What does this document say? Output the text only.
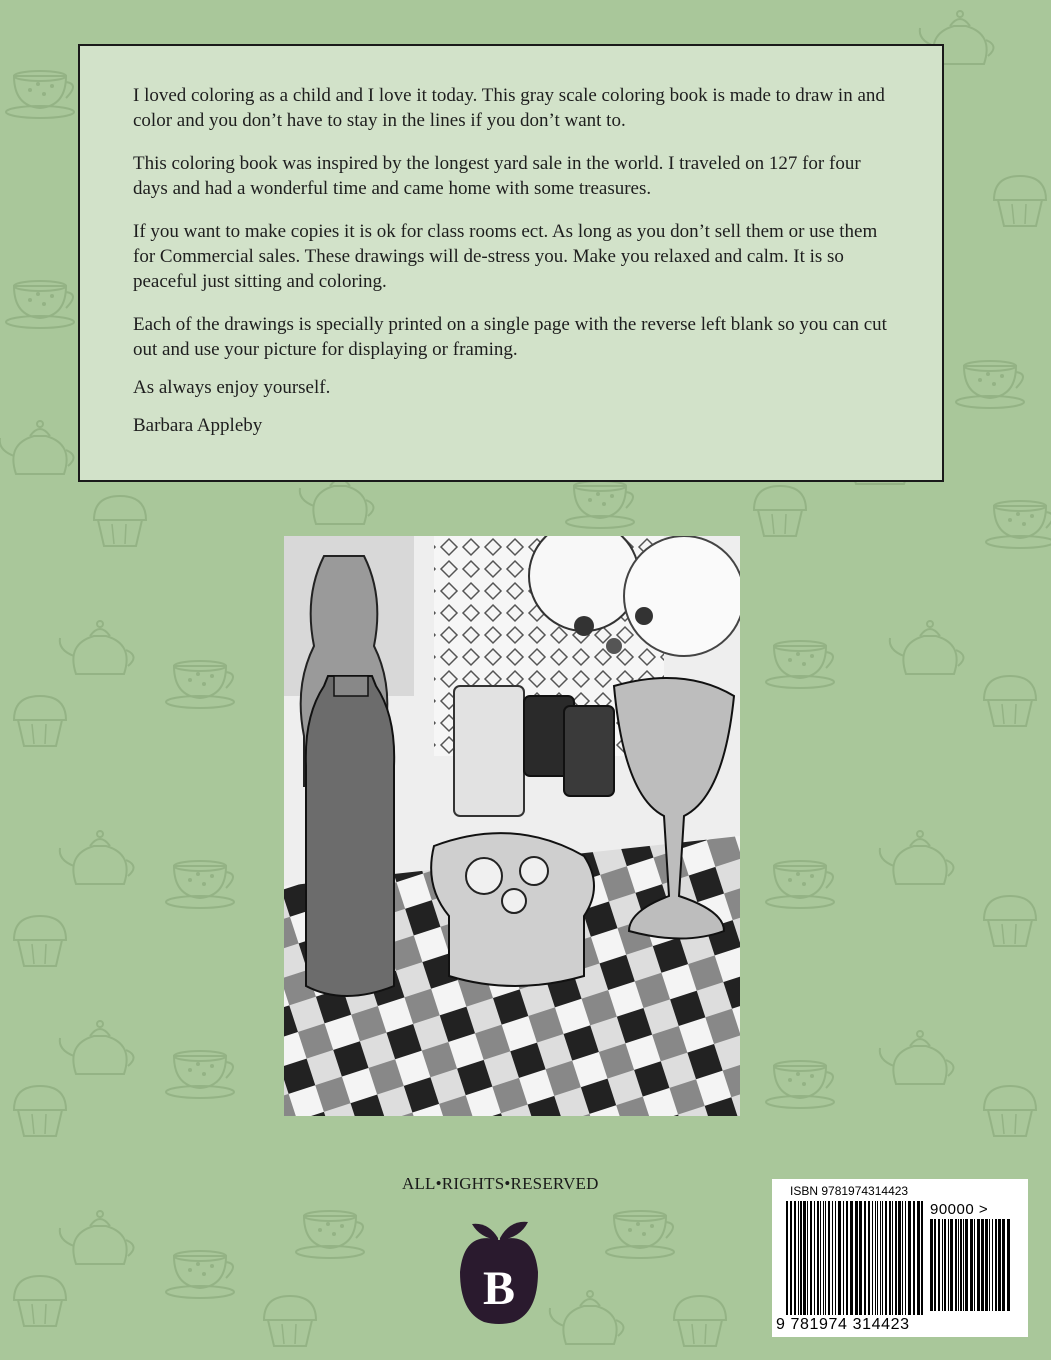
I loved coloring as a child and I love it today. This gray scale coloring book is made to draw in and color and you don’t have to stay in the lines if you don’t want to.

This coloring book was inspired by the longest yard sale in the world. I traveled on 127 for four days and had a wonderful time and came home with some treasures.

If you want to make copies it is ok for class rooms ect. As long as you don’t sell them or use them for Commercial sales. These drawings will de-stress you. Make you relaxed and calm. It is so peaceful just sitting and coloring.

Each of the drawings is specially printed on a single page with the reverse left blank so you can cut out and use your picture for displaying or framing.

As always enjoy yourself.

Barbara Appleby

ALL•RIGHTS•RESERVED
B
ISBN 9781974314423
90000 >
9 781974 314423
